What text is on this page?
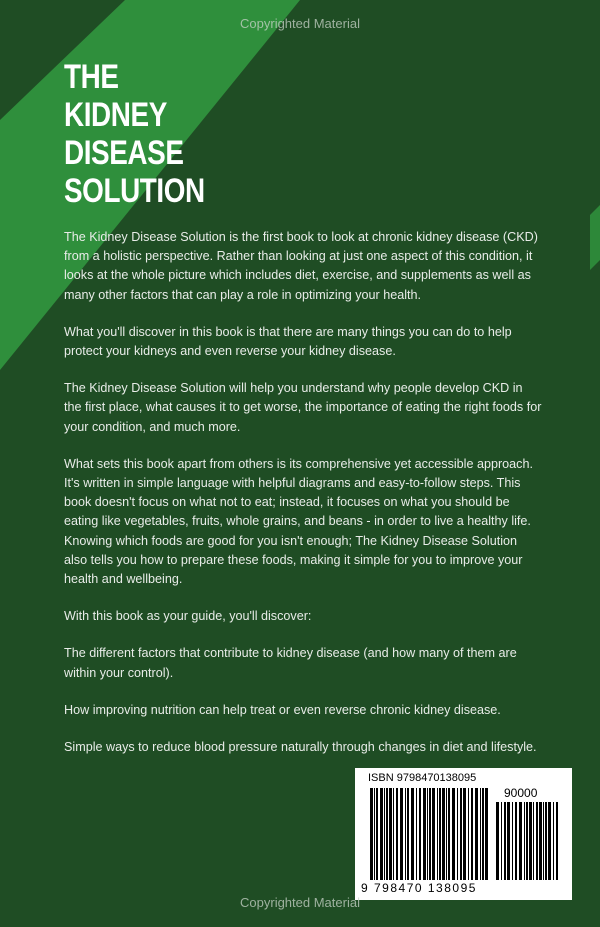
Copyrighted Material
THE
KIDNEY
DISEASE
SOLUTION

The Kidney Disease Solution is the first book to look at chronic kidney disease (CKD) from a holistic perspective. Rather than looking at just one aspect of this condition, it looks at the whole picture which includes diet, exercise, and supplements as well as many other factors that can play a role in optimizing your health.

What you'll discover in this book is that there are many things you can do to help protect your kidneys and even reverse your kidney disease.

The Kidney Disease Solution will help you understand why people develop CKD in the first place, what causes it to get worse, the importance of eating the right foods for your condition, and much more.

What sets this book apart from others is its comprehensive yet accessible approach. It's written in simple language with helpful diagrams and easy-to-follow steps. This book doesn't focus on what not to eat; instead, it focuses on what you should be eating like vegetables, fruits, whole grains, and beans - in order to live a healthy life. Knowing which foods are good for you isn't enough; The Kidney Disease Solution also tells you how to prepare these foods, making it simple for you to improve your health and wellbeing.

With this book as your guide, you'll discover:

The different factors that contribute to kidney disease (and how many of them are within your control).

How improving nutrition can help treat or even reverse chronic kidney disease.

Simple ways to reduce blood pressure naturally through changes in diet and lifestyle.

ISBN 9798470138095
90000
9 798470 138095
Copyrighted Material
